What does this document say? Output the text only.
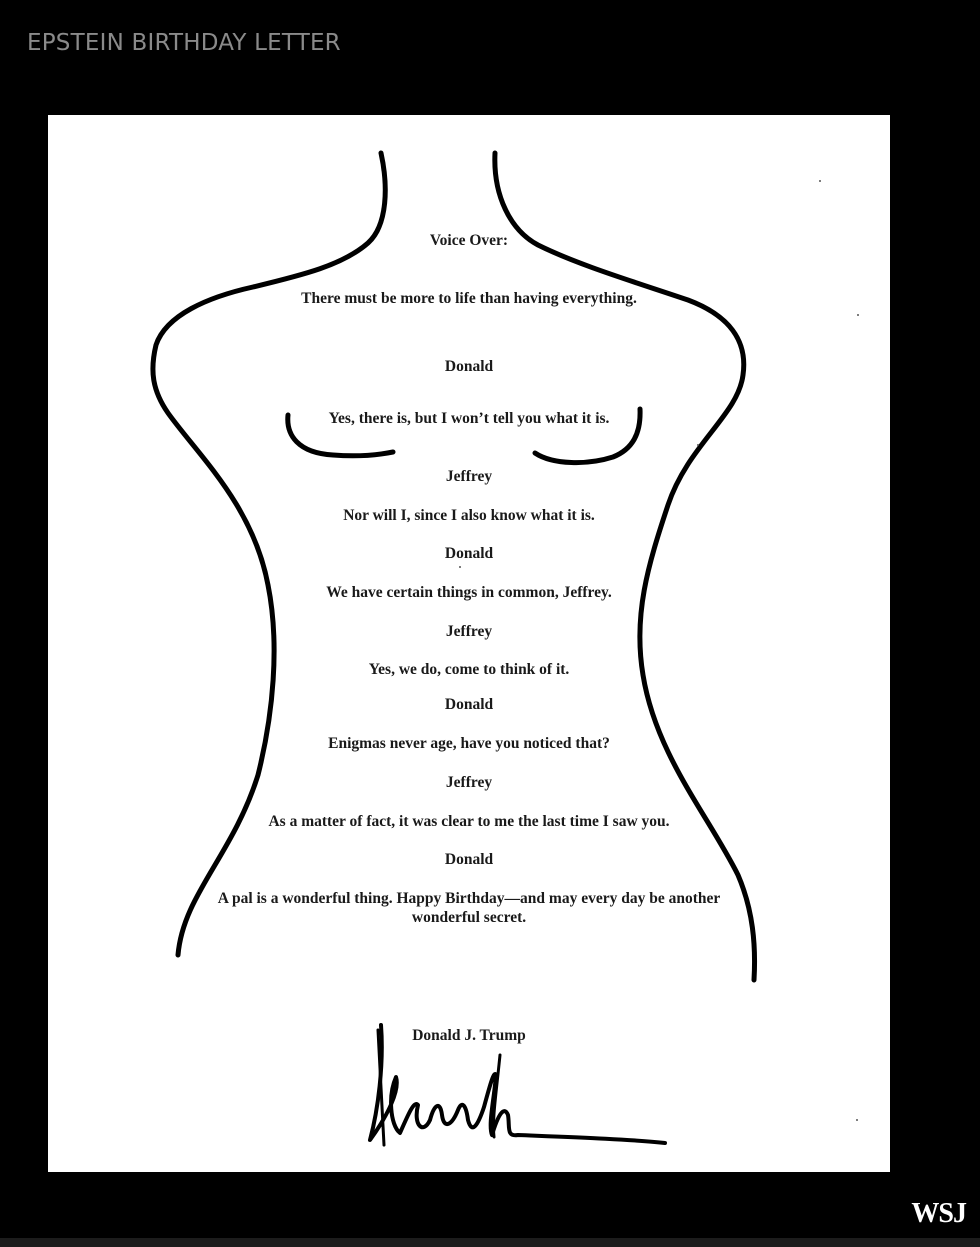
EPSTEIN BIRTHDAY LETTER
Voice Over:
There must be more to life than having everything.
Donald
Yes, there is, but I won’t tell you what it is.
Jeffrey
Nor will I, since I also know what it is.
Donald
We have certain things in common, Jeffrey.
Jeffrey
Yes, we do, come to think of it.
Donald
Enigmas never age, have you noticed that?
Jeffrey
As a matter of fact, it was clear to me the last time I saw you.
Donald
A pal is a wonderful thing. Happy Birthday—and may every day be another wonderful secret.
Donald J. Trump
WSJ
